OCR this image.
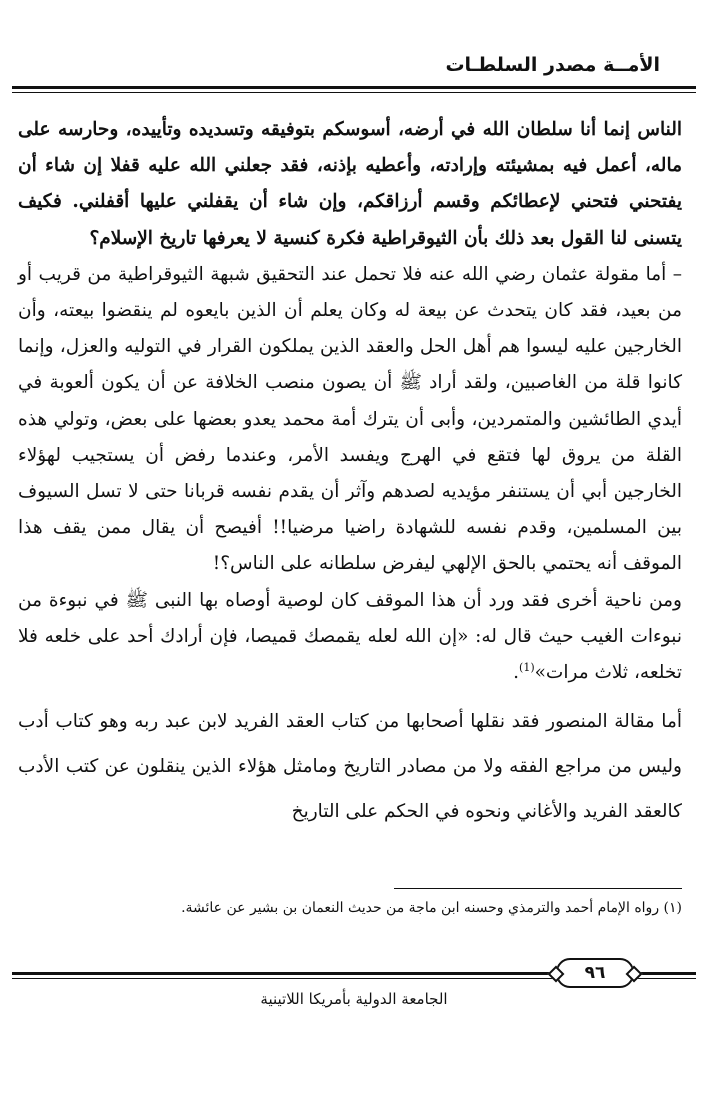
الأمــة مصدر السلطـات

الناس إنما أنا سلطان الله في أرضه، أسوسكم بتوفيقه وتسديده وتأييده، وحارسه على ماله، أعمل فيه بمشيئته وإرادته، وأعطيه بإذنه، فقد جعلني الله عليه قفلا إن شاء أن يفتحني فتحني لإعطائكم وقسم أرزاقكم، وإن شاء أن يقفلني عليها أقفلني. فكيف يتسنى لنا القول بعد ذلك بأن الثيوقراطية فكرة كنسية لا يعرفها تاريخ الإسلام؟

– أما مقولة عثمان رضي الله عنه فلا تحمل عند التحقيق شبهة الثيوقراطية من قريب أو من بعيد، فقد كان يتحدث عن بيعة له وكان يعلم أن الذين بايعوه لم ينقضوا بيعته، وأن الخارجين عليه ليسوا هم أهل الحل والعقد الذين يملكون القرار في التوليه والعزل، وإنما كانوا قلة من الغاصبين، ولقد أراد ﷺ أن يصون منصب الخلافة عن أن يكون ألعوبة في أيدي الطائشين والمتمردين، وأبى أن يترك أمة محمد يعدو بعضها على بعض، وتولي هذه القلة من يروق لها فتقع في الهرج ويفسد الأمر، وعندما رفض أن يستجيب لهؤلاء الخارجين أبي أن يستنفر مؤيديه لصدهم وآثر أن يقدم نفسه قربانا حتى لا تسل السيوف بين المسلمين، وقدم نفسه للشهادة راضيا مرضيا!! أفيصح أن يقال ممن يقف هذا الموقف أنه يحتمي بالحق الإلهي ليفرض سلطانه على الناس؟!

ومن ناحية أخرى فقد ورد أن هذا الموقف كان لوصية أوصاه بها النبى ﷺ في نبوءة من نبوءات الغيب حيث قال له: «إن الله لعله يقمصك قميصا، فإن أرادك أحد على خلعه فلا تخلعه، ثلاث مرات»$^{(1)}$.

أما مقالة المنصور فقد نقلها أصحابها من كتاب العقد الفريد لابن عبد ربه وهو كتاب أدب وليس من مراجع الفقه ولا من مصادر التاريخ ومامثل هؤلاء الذين ينقلون عن كتب الأدب كالعقد الفريد والأغاني ونحوه في الحكم على التاريخ

(١) رواه الإمام أحمد والترمذي وحسنه ابن ماجة من حديث النعمان بن بشير عن عائشة.
٩٦
الجامعة الدولية بأمريكا اللاتينية
